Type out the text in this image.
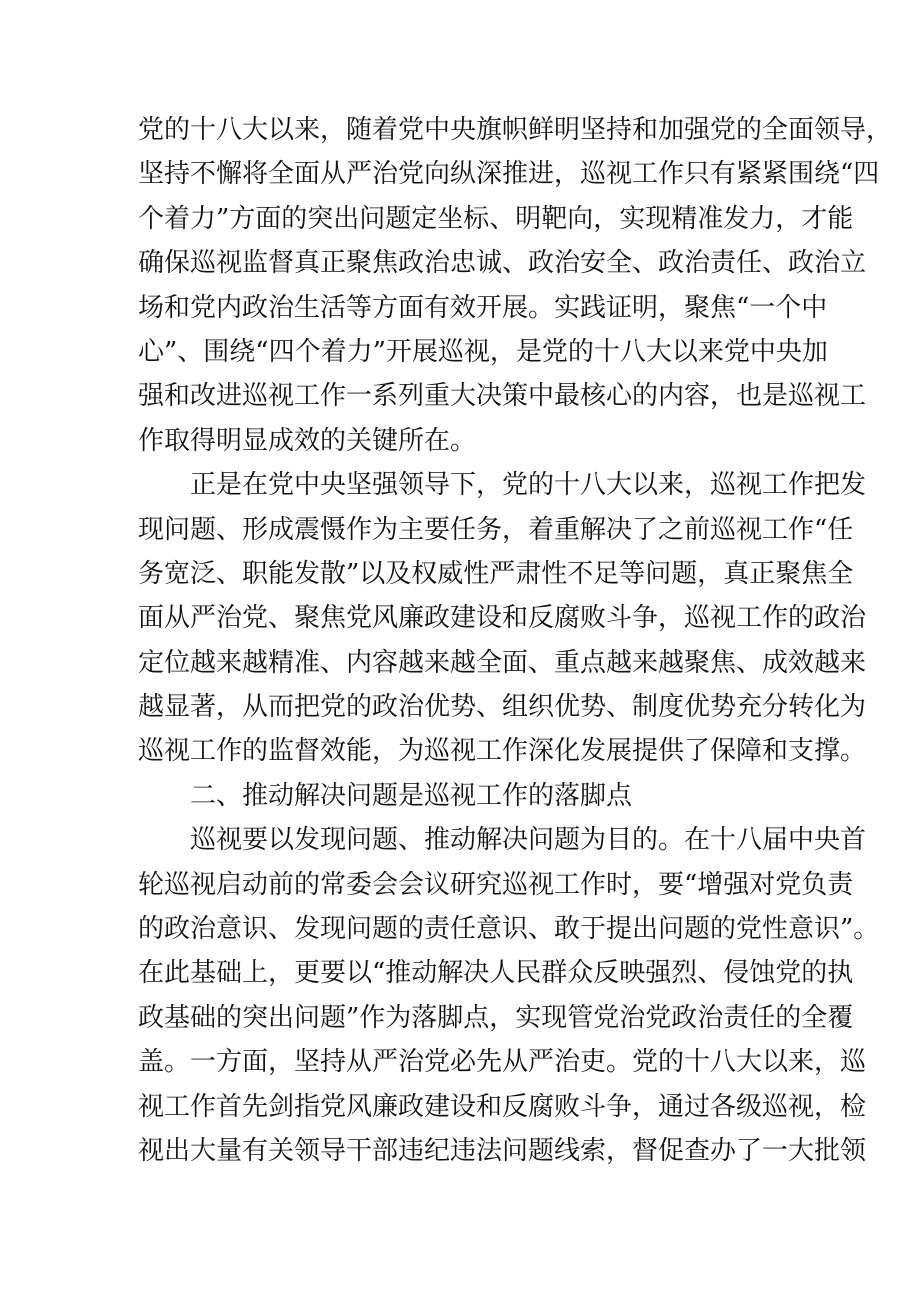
党的十八大以来，随着党中央旗帜鲜明坚持和加强党的全面领导，
坚持不懈将全面从严治党向纵深推进，巡视工作只有紧紧围绕“四
个着力”方面的突出问题定坐标、明靶向，实现精准发力，才能
确保巡视监督真正聚焦政治忠诚、政治安全、政治责任、政治立
场和党内政治生活等方面有效开展。实践证明，聚焦“一个中
心”、围绕“四个着力”开展巡视，是党的十八大以来党中央加
强和改进巡视工作一系列重大决策中最核心的内容，也是巡视工
作取得明显成效的关键所在。
正是在党中央坚强领导下，党的十八大以来，巡视工作把发
现问题、形成震慑作为主要任务，着重解决了之前巡视工作“任
务宽泛、职能发散”以及权威性严肃性不足等问题，真正聚焦全
面从严治党、聚焦党风廉政建设和反腐败斗争，巡视工作的政治
定位越来越精准、内容越来越全面、重点越来越聚焦、成效越来
越显著，从而把党的政治优势、组织优势、制度优势充分转化为
巡视工作的监督效能，为巡视工作深化发展提供了保障和支撑。
二、推动解决问题是巡视工作的落脚点
巡视要以发现问题、推动解决问题为目的。在十八届中央首
轮巡视启动前的常委会会议研究巡视工作时，要“增强对党负责
的政治意识、发现问题的责任意识、敢于提出问题的党性意识”。
在此基础上，更要以“推动解决人民群众反映强烈、侵蚀党的执
政基础的突出问题”作为落脚点，实现管党治党政治责任的全覆
盖。一方面，坚持从严治党必先从严治吏。党的十八大以来，巡
视工作首先剑指党风廉政建设和反腐败斗争，通过各级巡视，检
视出大量有关领导干部违纪违法问题线索，督促查办了一大批领
